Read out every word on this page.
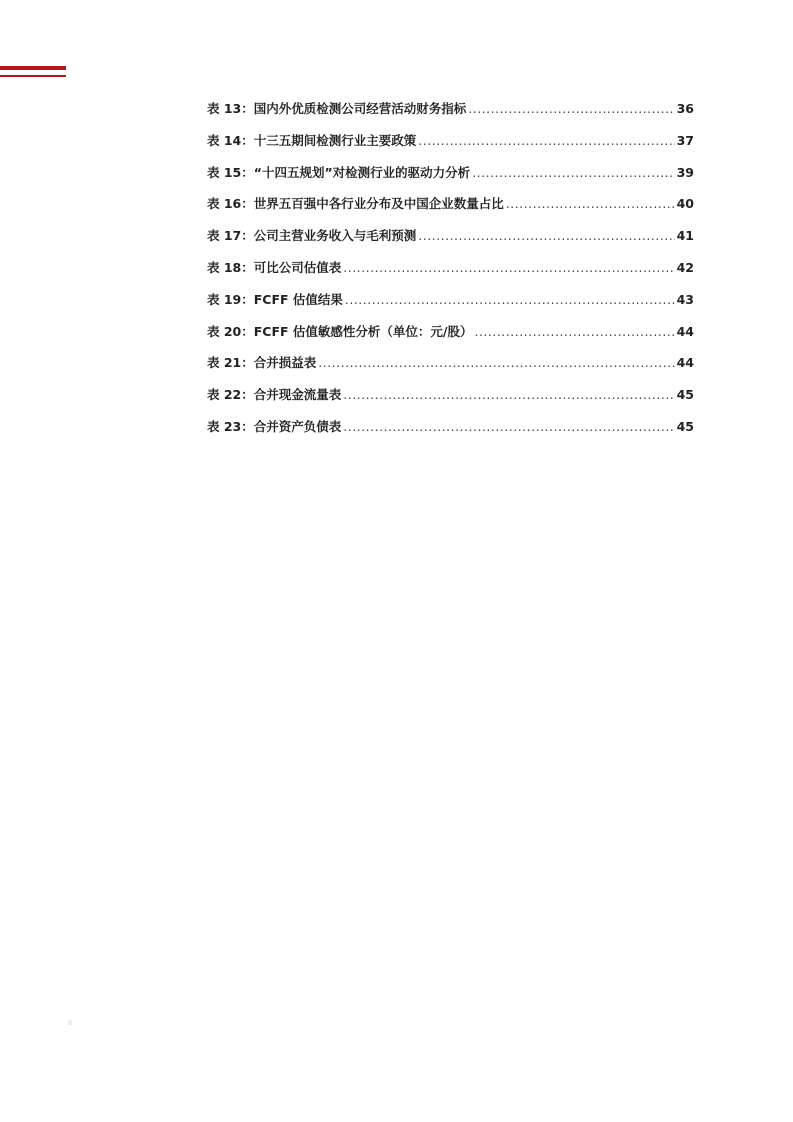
表 13：国内外优质检测公司经营活动财务指标 .....	36
表 14：十三五期间检测行业主要政策 .....	37
表 15：“十四五规划”对检测行业的驱动力分析 .....	39
表 16：世界五百强中各行业分布及中国企业数量占比 .....	40
表 17：公司主营业务收入与毛利预测 .....	41
表 18：可比公司估值表 .....	42
表 19：FCFF 估值结果 .....	43
表 20：FCFF 估值敏感性分析（单位：元/股） .....	44
表 21：合并损益表 .....	44
表 22：合并现金流量表 .....	45
表 23：合并资产负债表 .....	45
8
